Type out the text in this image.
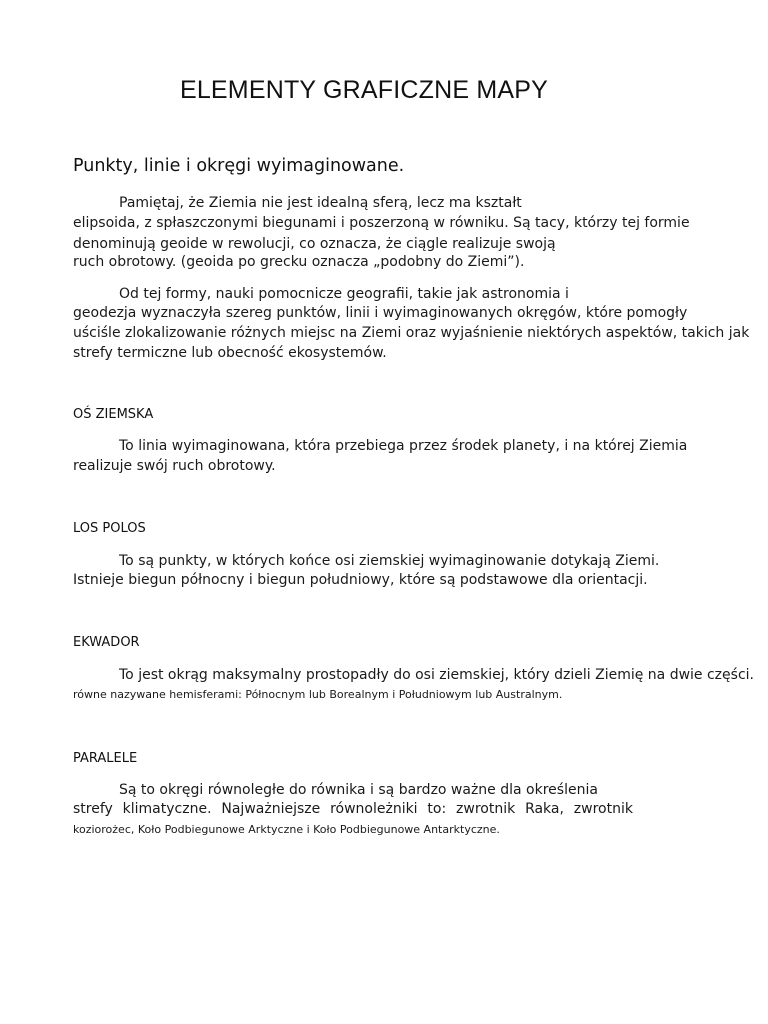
ELEMENTY GRAFICZNE MAPY
Punkty, linie i okręgi wyimaginowane.
Pamiętaj, że Ziemia nie jest idealną sferą, lecz ma kształt
elipsoida, z spłaszczonymi biegunami i poszerzoną w równiku. Są tacy, którzy tej formie
denominują geoide w rewolucji, co oznacza, że ciągle realizuje swoją
ruch obrotowy. (geoida po grecku oznacza „podobny do Ziemi”).
Od tej formy, nauki pomocnicze geografii, takie jak astronomia i
geodezja wyznaczyła szereg punktów, linii i wyimaginowanych okręgów, które pomogły
uściśle zlokalizowanie różnych miejsc na Ziemi oraz wyjaśnienie niektórych aspektów, takich jak
strefy termiczne lub obecność ekosystemów.
OŚ ZIEMSKA
To linia wyimaginowana, która przebiega przez środek planety, i na której Ziemia
realizuje swój ruch obrotowy.
LOS POLOS
To są punkty, w których końce osi ziemskiej wyimaginowanie dotykają Ziemi.
Istnieje biegun północny i biegun południowy, które są podstawowe dla orientacji.
EKWADOR
To jest okrąg maksymalny prostopadły do osi ziemskiej, który dzieli Ziemię na dwie części.
równe nazywane hemisferami: Północnym lub Borealnym i Południowym lub Australnym.
PARALELE
Są to okręgi równoległe do równika i są bardzo ważne dla określenia
strefy klimatyczne. Najważniejsze równoleżniki to: zwrotnik Raka, zwrotnik
koziorożec, Koło Podbiegunowe Arktyczne i Koło Podbiegunowe Antarktyczne.
